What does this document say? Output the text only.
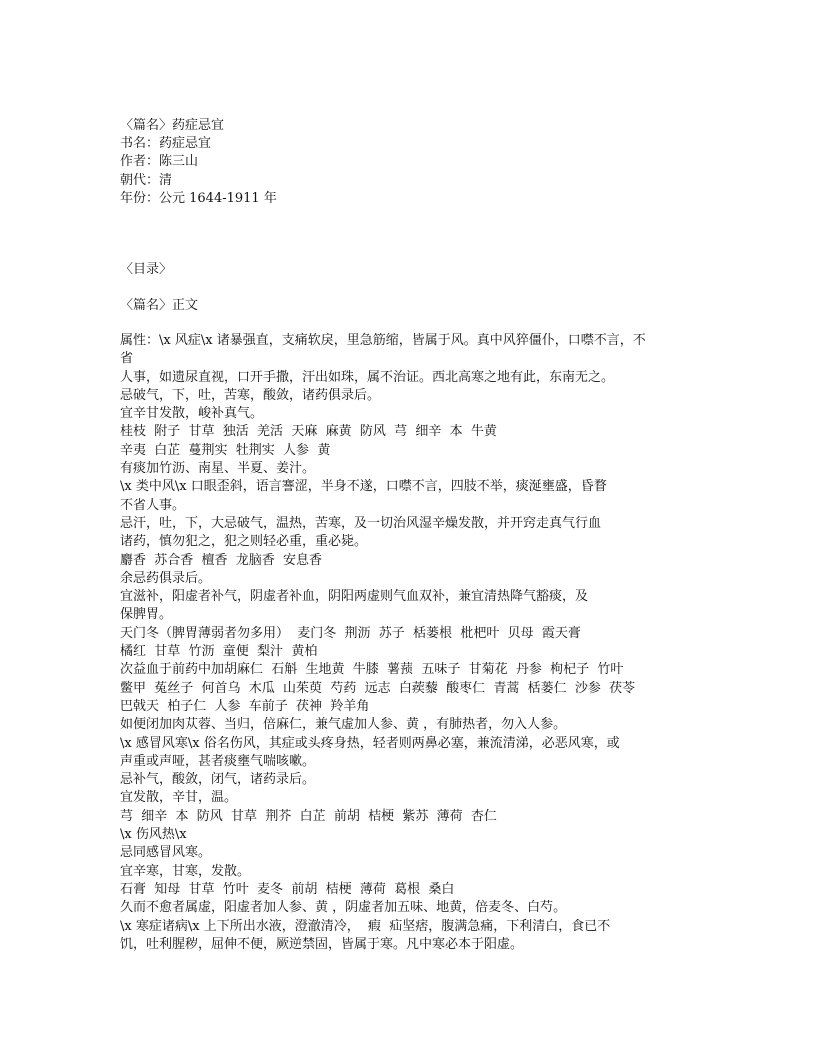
〈篇名〉药症忌宜
书名：药症忌宜
作者：陈三山
朝代：清
年份：公元 1644-1911 年
〈目录〉
〈篇名〉正文
属性：\x 风症\x 诸暴强直，支痛软戾，里急筋缩，皆属于风。真中风猝僵仆，口噤不言，不
省
人事，如遗尿直视，口开手撒，汗出如珠，属不治证。西北高寒之地有此，东南无之。
忌破气，下，吐，苦寒，酸敛，诸药俱录后。
宜辛甘发散，峻补真气。
桂枝  附子  甘草  独活  羌活  天麻  麻黄  防风  芎  细辛  本  牛黄
辛夷  白芷  蔓荆实  牡荆实  人参  黄
有痰加竹沥、南星、半夏、姜汁。
\x 类中风\x 口眼歪斜，语言謇涩，半身不遂，口噤不言，四肢不举，痰涎壅盛，昏瞀
不省人事。
忌汗，吐，下，大忌破气，温热，苦寒，及一切治风湿辛燥发散，并开窍走真气行血
诸药，慎勿犯之，犯之则轻必重，重必毙。
麝香  苏合香  檀香  龙脑香  安息香
余忌药俱录后。
宜滋补，阳虚者补气，阴虚者补血，阴阳两虚则气血双补，兼宜清热降气豁痰，及
保脾胃。
天门冬（脾胃薄弱者勿多用）  麦门冬  荆沥  苏子  栝蒌根  枇杷叶  贝母  霞天膏
橘红  甘草  竹沥  童便  梨汁  黄柏
次益血于前药中加胡麻仁  石斛  生地黄  牛膝  薯蓣  五味子  甘菊花  丹参  枸杞子  竹叶
鳖甲  菟丝子  何首乌  木瓜  山茱萸  芍药  远志  白蒺藜  酸枣仁  青蒿  栝蒌仁  沙参  茯苓
巴戟天  柏子仁  人参  车前子  茯神  羚羊角
如便闭加肉苁蓉、当归，倍麻仁，兼气虚加人参、黄 ，有肺热者，勿入人参。
\x 感冒风寒\x 俗名伤风，其症或头疼身热，轻者则两鼻必塞，兼流清涕，必恶风寒，或
声重或声哑，甚者痰壅气喘咳嗽。
忌补气，酸敛，闭气，诸药录后。
宜发散，辛甘，温。
芎  细辛  本  防风  甘草  荆芥  白芷  前胡  桔梗  紫苏  薄荷  杏仁
\x 伤风热\x
忌同感冒风寒。
宜辛寒，甘寒，发散。
石膏  知母  甘草  竹叶  麦冬  前胡  桔梗  薄荷  葛根  桑白
久而不愈者属虚，阳虚者加人参、黄 ，阴虚者加五味、地黄，倍麦冬、白芍。
\x 寒症诸病\x 上下所出水液，澄澈清冷，  瘕  疝坚痞，腹满急痛，下利清白，食已不
饥，吐利腥秽，屈伸不便，厥逆禁固，皆属于寒。凡中寒必本于阳虚。
